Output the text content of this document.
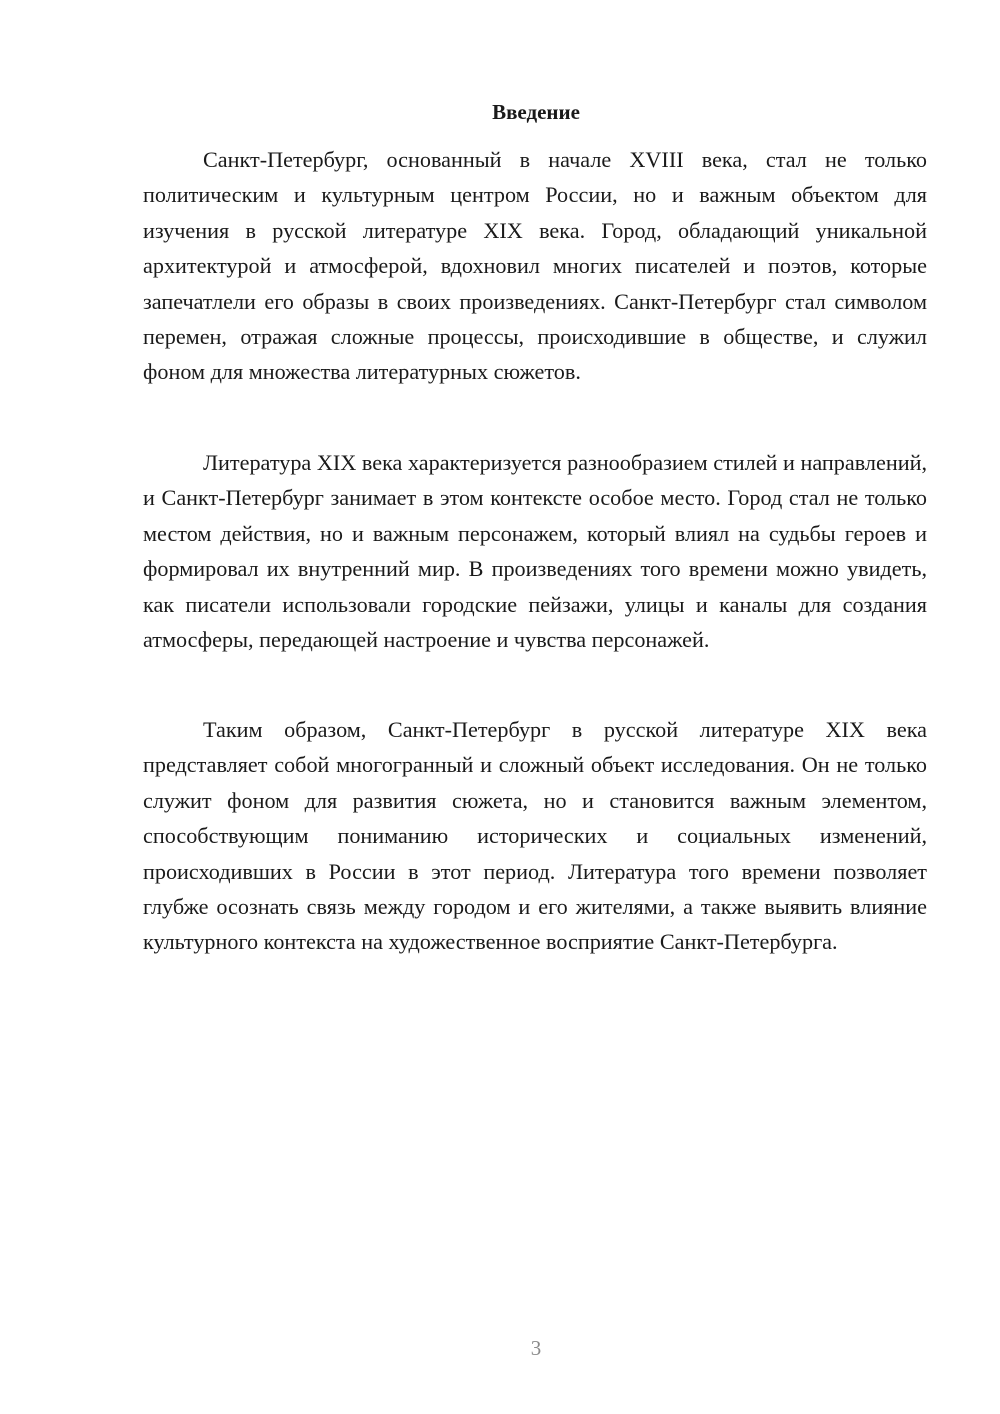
Введение

Санкт-Петербург, основанный в начале XVIII века, стал не только политическим и культурным центром России, но и важным объектом для изучения в русской литературе XIX века. Город, обладающий уникальной архитектурой и атмосферой, вдохновил многих писателей и поэтов, которые запечатлели его образы в своих произведениях. Санкт-Петербург стал символом перемен, отражая сложные процессы, происходившие в обществе, и служил фоном для множества литературных сюжетов.

Литература XIX века характеризуется разнообразием стилей и направлений, и Санкт-Петербург занимает в этом контексте особое место. Город стал не только местом действия, но и важным персонажем, который влиял на судьбы героев и формировал их внутренний мир. В произведениях того времени можно увидеть, как писатели использовали городские пейзажи, улицы и каналы для создания атмосферы, передающей настроение и чувства персонажей.

Таким образом, Санкт-Петербург в русской литературе XIX века представляет собой многогранный и сложный объект исследования. Он не только служит фоном для развития сюжета, но и становится важным элементом, способствующим пониманию исторических и социальных изменений, происходивших в России в этот период. Литература того времени позволяет глубже осознать связь между городом и его жителями, а также выявить влияние культурного контекста на художественное восприятие Санкт-Петербурга.

3
